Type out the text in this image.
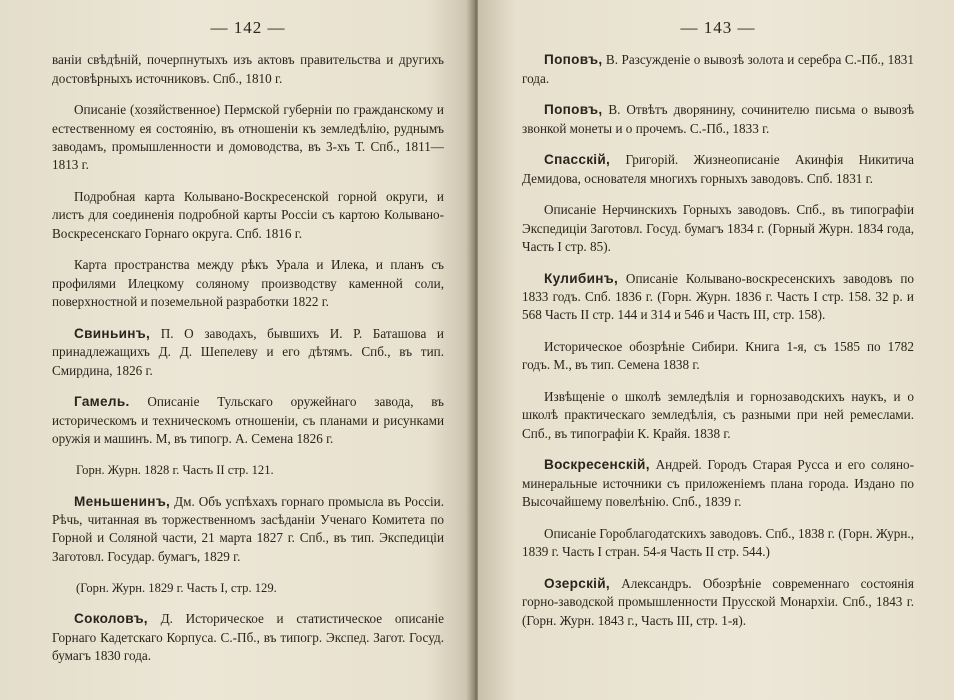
— 142 —

ванiи свѣдѣнiй, почерпнутыхъ изъ актовъ правительства и другихъ достовѣрныхъ источниковъ. Спб., 1810 г.

Описанiе (хозяйственное) Пермской губернiи по гражданскому и естественному ея состоянiю, въ отношенiи къ земледѣлiю, руднымъ заводамъ, промышленности и домоводства, въ 3-хъ Т. Спб., 1811—1813 г.

Подробная карта Колывано-Воскресенской горной округи, и листъ для соединенiя подробной карты Россiи съ картою Колывано-Воскресенскаго Горнаго округа. Спб. 1816 г.

Карта пространства между рѣкъ Урала и Илека, и планъ съ профилями Илецкому соляному производству каменной соли, поверхностной и поземельной разработки 1822 г.

Свиньинъ, П. О заводахъ, бывшихъ И. Р. Баташова и принадлежащихъ Д. Д. Шепелеву и его дѣтямъ. Спб., въ тип. Смирдина, 1826 г.

Гамель. Описанiе Тульскаго оружейнаго завода, въ историческомъ и техническомъ отношенiи, съ планами и рисунками оружiя и машинъ. М, въ типогр. А. Семена 1826 г.

Горн. Журн. 1828 г. Часть II стр. 121.

Меньшенинъ, Дм. Объ успѣхахъ горнаго промысла въ Россiи. Рѣчь, читанная въ торжественномъ засѣданiи Ученаго Комитета по Горной и Соляной части, 21 марта 1827 г. Спб., въ тип. Экспедицiи Заготовл. Государ. бумагъ, 1829 г.

(Горн. Журн. 1829 г. Часть I, стр. 129.

Соколовъ, Д. Историческое и статистическое описанiе Горнаго Кадетскаго Корпуса. С.-Пб., въ типогр. Экспед. Загот. Госуд. бумагъ 1830 года.

— 143 —

Поповъ, В. Разсужденiе о вывозѣ золота и серебра С.-Пб., 1831 года.

Поповъ, В. Отвѣтъ дворянину, сочинителю письма о вывозѣ звонкой монеты и о прочемъ. С.-Пб., 1833 г.

Спасскiй, Григорiй. Жизнеописанiе Акинфiя Никитича Демидова, основателя многихъ горныхъ заводовъ. Спб. 1831 г.

Описанiе Нерчинскихъ Горныхъ заводовъ. Спб., въ типографiи Экспедицiи Заготовл. Госуд. бумагъ 1834 г. (Горный Журн. 1834 года, Часть I стр. 85).

Кулибинъ, Описанiе Колывано-воскресенскихъ заводовъ по 1833 годъ. Спб. 1836 г. (Горн. Журн. 1836 г. Часть I стр. 158. 32 р. и 568 Часть II стр. 144 и 314 и 546 и Часть III, стр. 158).

Историческое обозрѣнiе Сибири. Книга 1-я, съ 1585 по 1782 годъ. М., въ тип. Семена 1838 г.

Извѣщенiе о школѣ земледѣлiя и горнозаводскихъ наукъ, и о школѣ практическаго земледѣлiя, съ разными при ней ремеслами. Спб., въ типографiи К. Крайя. 1838 г.

Воскресенскiй, Андрей. Городъ Старая Русса и его соляно-минеральные источники съ приложенiемъ плана города. Издано по Высочайшему повелѣнiю. Спб., 1839 г.

Описанiе Гороблагодатскихъ заводовъ. Спб., 1838 г. (Горн. Журн., 1839 г. Часть I стран. 54-я Часть II стр. 544.)

Озерскiй, Александръ. Обозрѣнiе современнаго состоянiя горно-заводской промышленности Прусской Монархiи. Спб., 1843 г. (Горн. Журн. 1843 г., Часть III, стр. 1-я).
